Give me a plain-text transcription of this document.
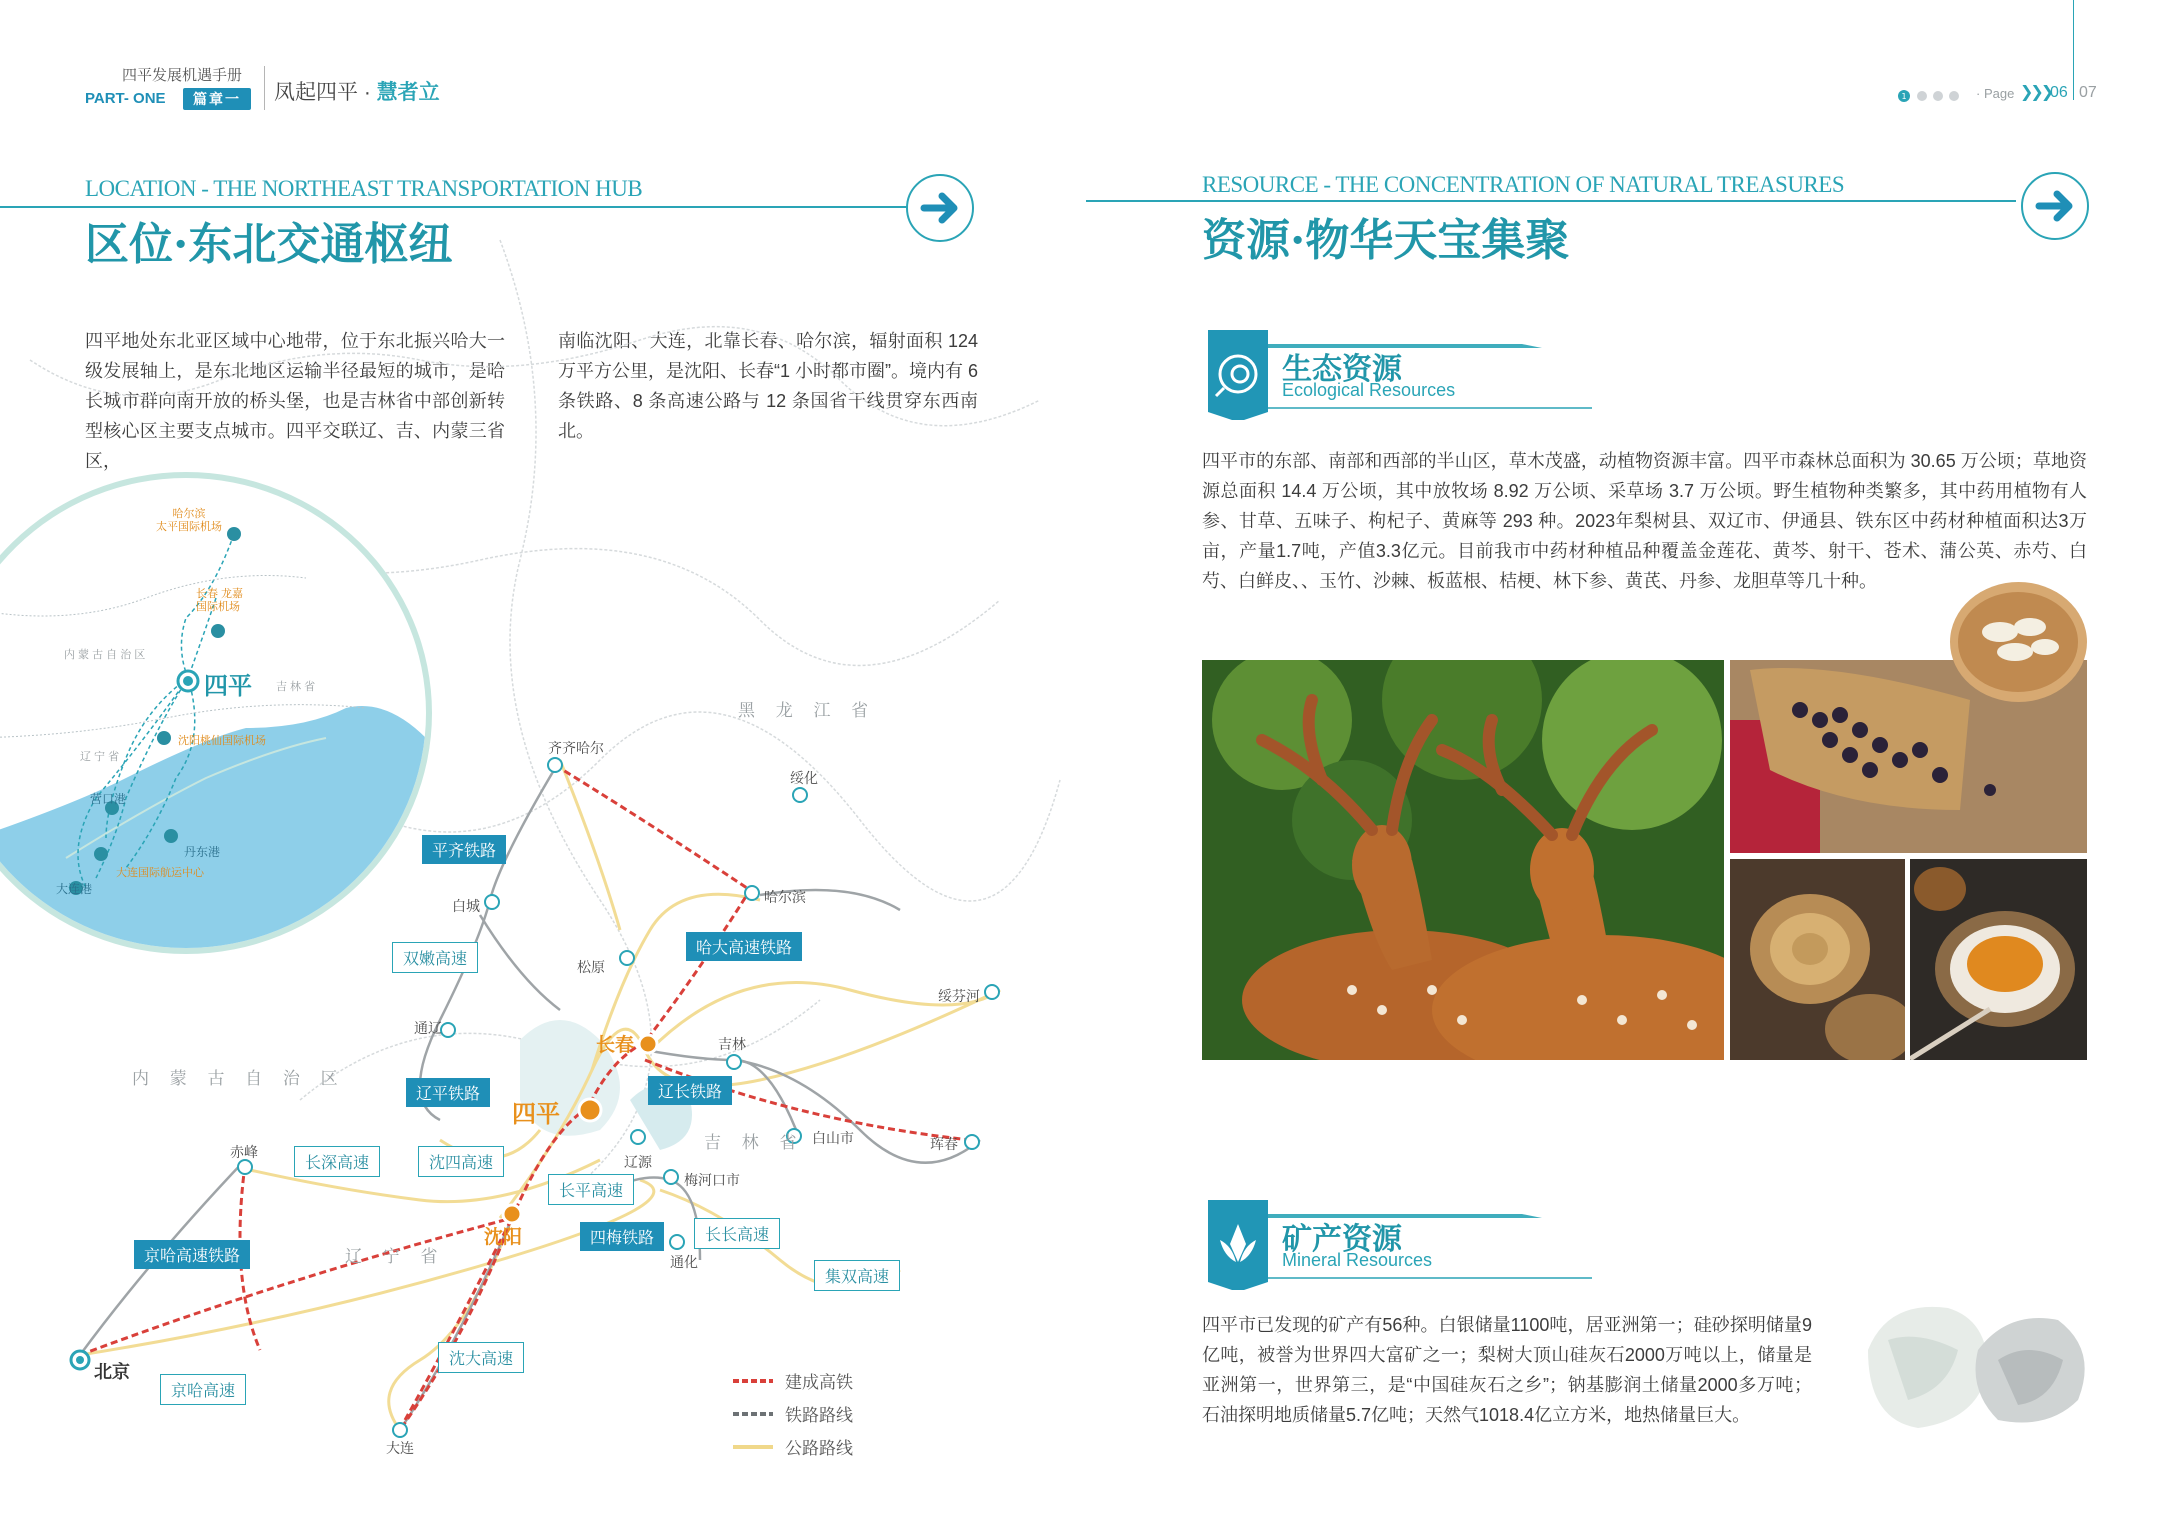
四平发展机遇手册
PART- ONE	篇章一	凤起四平 · 慧者立	1	· Page ❯❯❯
06 07
LOCATION - THE NORTHEAST TRANSPORTATION HUB
区位·东北交通枢纽
四平地处东北亚区域中心地带，位于东北振兴哈大一级发展轴上，是东北地区运输半径最短的城市，是哈长城市群向南开放的桥头堡，也是吉林省中部创新转型核心区主要支点城市。四平交联辽、吉、内蒙三省区，
南临沈阳、大连，北靠长春、哈尔滨，辐射面积 124 万平方公里，是沈阳、长春“1 小时都市圈”。境内有 6 条铁路、8 条高速公路与 12 条国省干线贯穿东西南北。
黑 龙 江 省
内 蒙 古 自 治 区
吉 林 省
辽 宁 省
齐齐哈尔
绥化
哈尔滨
白城
松原
绥芬河
通辽
吉林
白山市
辽源
梅河口市
珲春
赤峰
通化
大连
北京
长春
四平
沈阳
平齐铁路
哈大高速铁路
辽平铁路	辽长铁路
京哈高速铁路
四梅铁路
双嫩高速
长深高速	沈四高速
长平高速
长长高速
集双高速
沈大高速
京哈高速	建成高铁
铁路路线
公路路线
哈尔滨
太平国际机场
长春 龙嘉
国际机场
四平
内 蒙 古 自 治 区
吉 林 省
辽 宁 省
沈阳桃仙国际机场
营口港
丹东港
大连国际航运中心
大连港
RESOURCE - THE CONCENTRATION OF NATURAL TREASURES
资源·物华天宝集聚
生态资源
Ecological Resources
四平市的东部、南部和西部的半山区，草木茂盛，动植物资源丰富。四平市森林总面积为 30.65 万公顷；草地资源总面积 14.4 万公顷，其中放牧场 8.92 万公顷、采草场 3.7 万公顷。野生植物种类繁多，其中药用植物有人参、甘草、五味子、枸杞子、黄麻等 293 种。2023年梨树县、双辽市、伊通县、铁东区中药材种植面积达3万亩，产量1.7吨，产值3.3亿元。目前我市中药材种植品种覆盖金莲花、黄芩、射干、苍术、蒲公英、赤芍、白芍、白鲜皮、、玉竹、沙棘、板蓝根、桔梗、林下参、黄芪、丹参、龙胆草等几十种。
矿产资源
Mineral Resources
四平市已发现的矿产有56种。白银储量1100吨，居亚洲第一；硅砂探明储量9亿吨，被誉为世界四大富矿之一；梨树大顶山硅灰石2000万吨以上，储量是亚洲第一，世界第三，是“中国硅灰石之乡”；钠基膨润土储量2000多万吨；石油探明地质储量5.7亿吨；天然气1018.4亿立方米，地热储量巨大。
